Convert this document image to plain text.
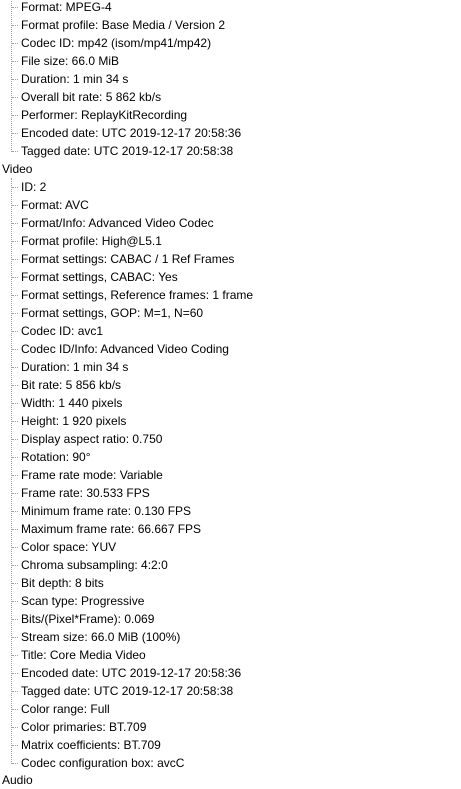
Format: MPEG-4
Format profile: Base Media / Version 2
Codec ID: mp42 (isom/mp41/mp42)
File size: 66.0 MiB
Duration: 1 min 34 s
Overall bit rate: 5 862 kb/s
Performer: ReplayKitRecording
Encoded date: UTC 2019-12-17 20:58:36
Tagged date: UTC 2019-12-17 20:58:38
ID: 2
Format: AVC
Format/Info: Advanced Video Codec
Format profile: High@L5.1
Format settings: CABAC / 1 Ref Frames
Format settings, CABAC: Yes
Format settings, Reference frames: 1 frame
Format settings, GOP: M=1, N=60
Codec ID: avc1
Codec ID/Info: Advanced Video Coding
Duration: 1 min 34 s
Bit rate: 5 856 kb/s
Width: 1 440 pixels
Height: 1 920 pixels
Display aspect ratio: 0.750
Rotation: 90°
Frame rate mode: Variable
Frame rate: 30.533 FPS
Minimum frame rate: 0.130 FPS
Maximum frame rate: 66.667 FPS
Color space: YUV
Chroma subsampling: 4:2:0
Bit depth: 8 bits
Scan type: Progressive
Bits/(Pixel*Frame): 0.069
Stream size: 66.0 MiB (100%)
Title: Core Media Video
Encoded date: UTC 2019-12-17 20:58:36
Tagged date: UTC 2019-12-17 20:58:38
Color range: Full
Color primaries: BT.709
Matrix coefficients: BT.709
Codec configuration box: avcC
Video
Audio
